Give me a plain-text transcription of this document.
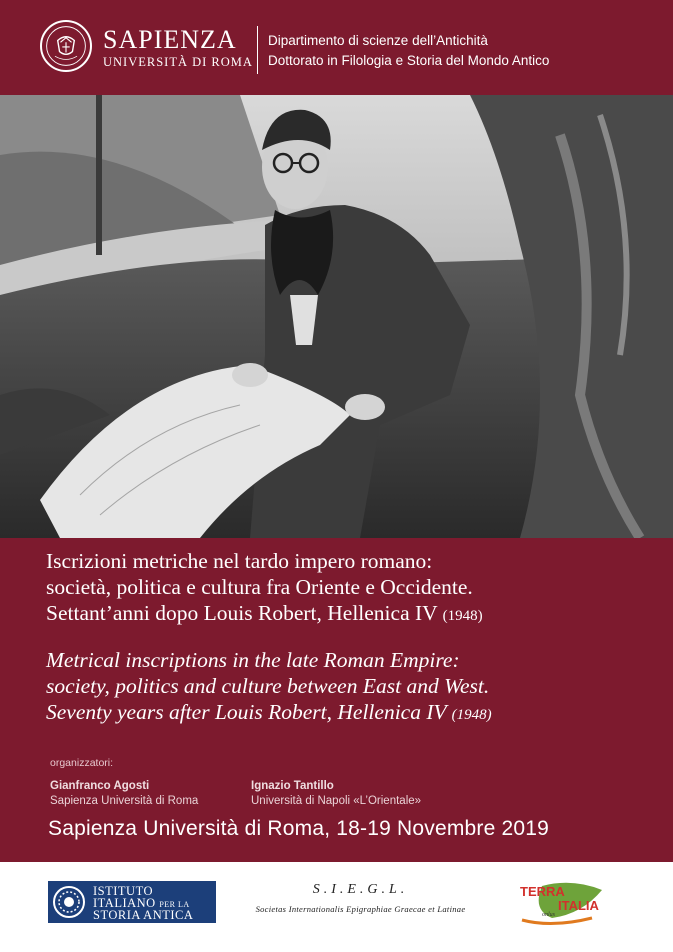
SAPIENZA
UNIVERSITÀ DI ROMA
Dipartimento di scienze dell’Antichità
Dottorato in Filologia e Storia del Mondo Antico
Iscrizioni metriche nel tardo impero romano:
società, politica e cultura fra Oriente e Occidente.
Settant’anni dopo Louis Robert, Hellenica IV (1948)
Metrical inscriptions in the late Roman Empire:
society, politics and culture between East and West.
Seventy years after Louis Robert, Hellenica IV (1948)
organizzatori:
Gianfranco Agosti
Sapienza Università di Roma
Ignazio Tantillo
Università di Napoli «L’Orientale»
Sapienza Università di Roma, 18-19 Novembre 2019
ISTITUTO
ITALIANO PER LA
STORIA ANTICA
S.I.E.G.L.
Societas Internationalis Epigraphiae Graecae et Latinae
TERRA
ITALIA
onlus
